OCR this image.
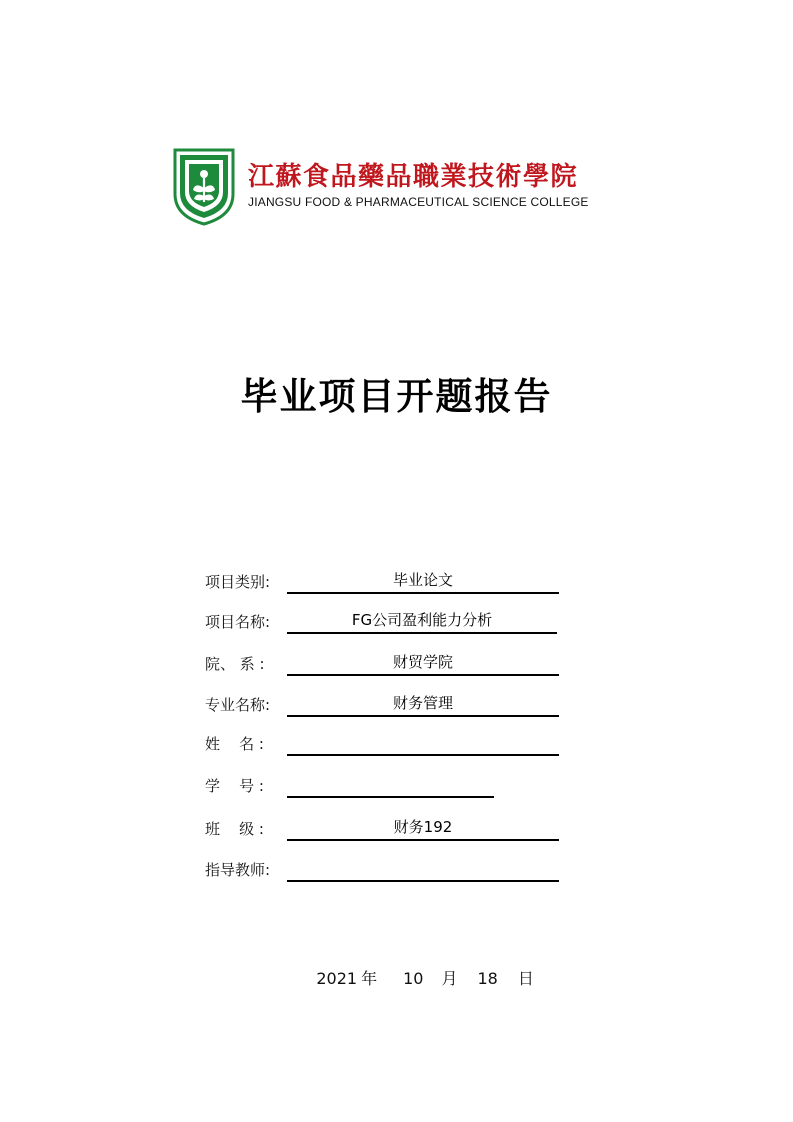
江蘇食品藥品職業技術學院
JIANGSU FOOD & PHARMACEUTICAL SCIENCE COLLEGE
毕业项目开题报告
项目类别:	毕业论文
项目名称:	FG公司盈利能力分析
院、 系 :	财贸学院
专业名称:	财务管理
姓    名 :
学    号 :
班    级 :	财务192
指导教师:

2021 年 10 月 18 日
